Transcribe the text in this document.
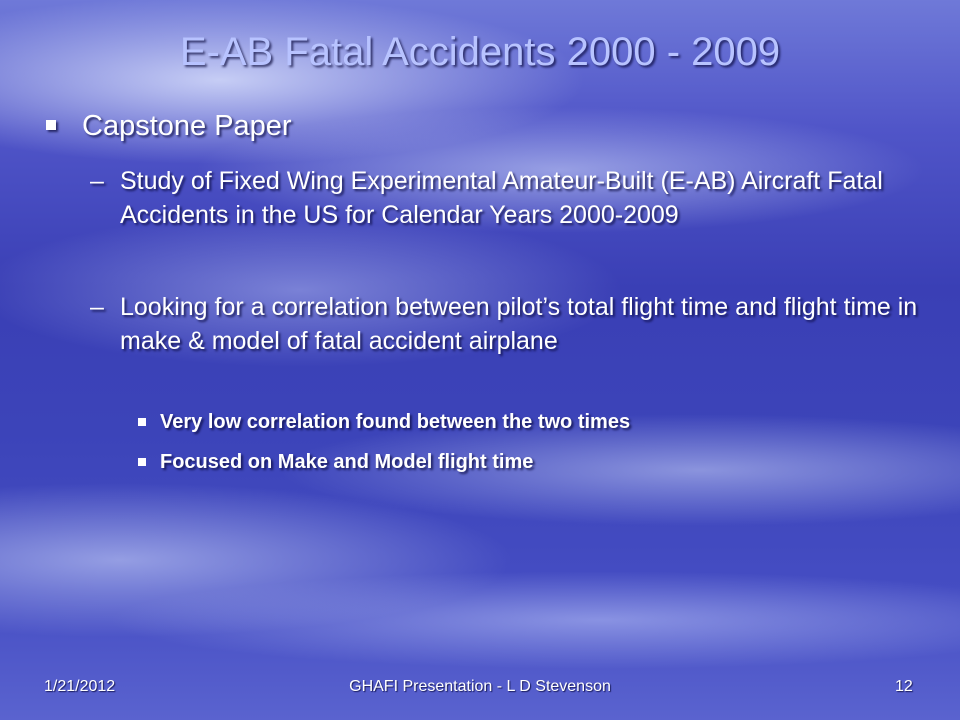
E-AB Fatal Accidents 2000 - 2009
Capstone Paper
– Study of Fixed Wing Experimental Amateur-Built (E-AB) Aircraft Fatal Accidents in the US for Calendar Years 2000-2009
– Looking for a correlation between pilot’s total flight time and flight time in make & model of fatal accident airplane
Very low correlation found between the two times
Focused on Make and Model flight time
1/21/2012	GHAFI Presentation - L D Stevenson	12
